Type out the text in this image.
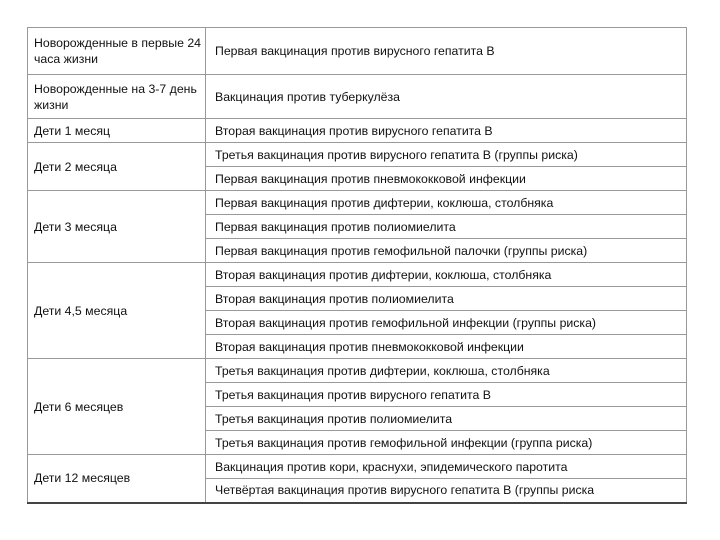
Новорожденные в первые 24 часа жизни	Первая вакцинация против вирусного гепатита В
Новорожденные на 3-7 день жизни	Вакцинация против туберкулёза
Дети 1 месяц	Вторая вакцинация против вирусного гепатита В
Дети 2 месяца	Третья вакцинация против вирусного гепатита В (группы риска)
	Первая вакцинация против пневмококковой инфекции
Дети 3 месяца	Первая вакцинация против дифтерии, коклюша, столбняка
	Первая вакцинация против полиомиелита
	Первая вакцинация против гемофильной палочки (группы риска)
Дети 4,5 месяца	Вторая вакцинация против дифтерии, коклюша, столбняка
	Вторая вакцинация против полиомиелита
	Вторая вакцинация против гемофильной инфекции (группы риска)
	Вторая вакцинация против пневмококковой инфекции
Дети 6 месяцев	Третья вакцинация против дифтерии, коклюша, столбняка
	Третья вакцинация против вирусного гепатита В
	Третья вакцинация против полиомиелита
	Третья вакцинация против гемофильной инфекции (группа риска)
Дети 12 месяцев	Вакцинация против кори, краснухи, эпидемического паротита
	Четвёртая вакцинация против вирусного гепатита В (группы риска
